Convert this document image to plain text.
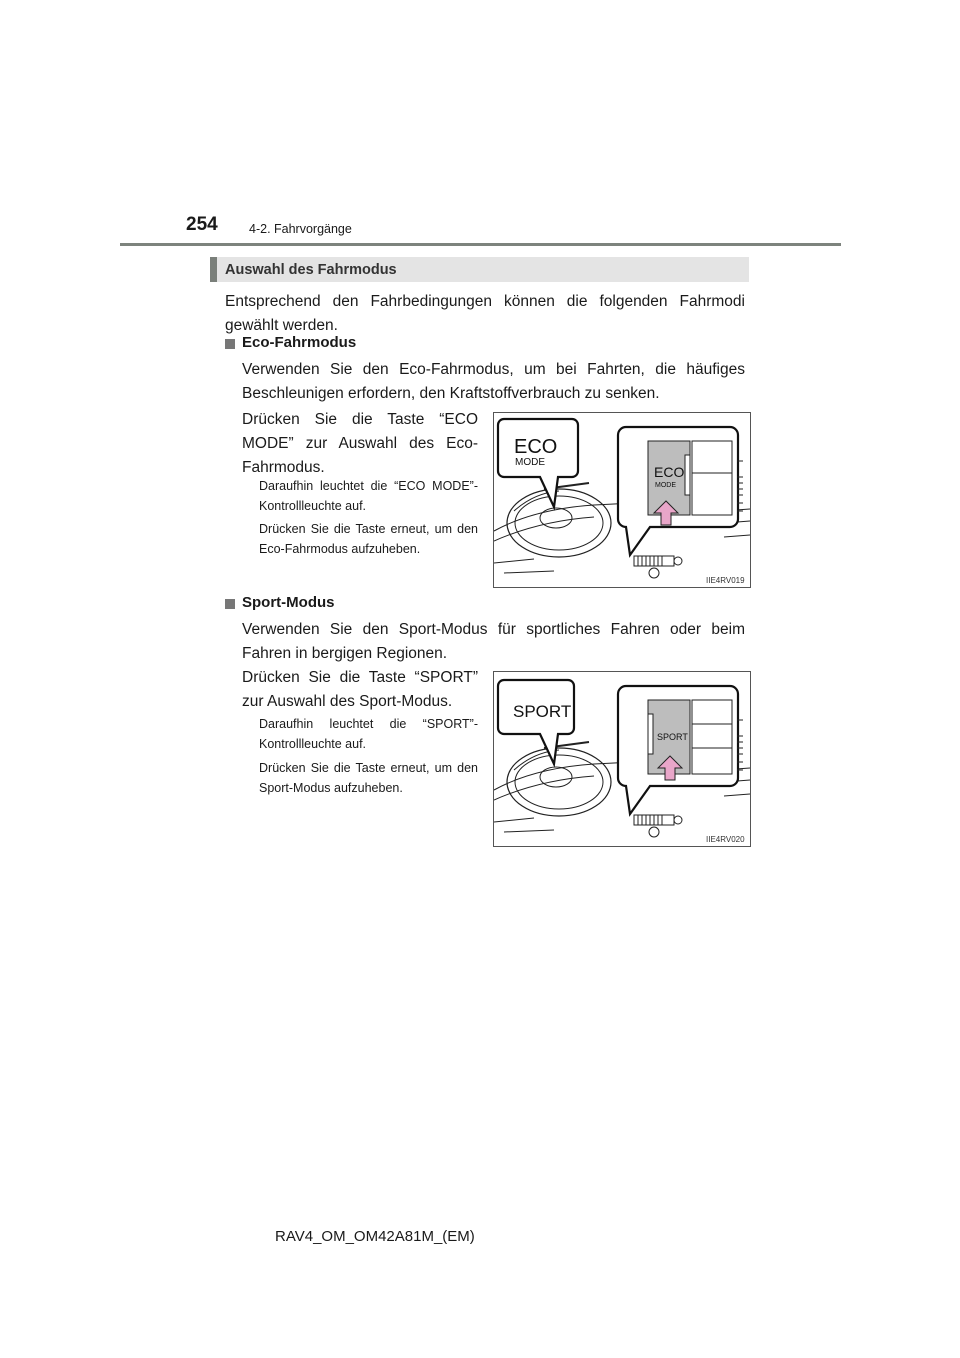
254	4-2. Fahrvorgänge
Auswahl des Fahrmodus
Entsprechend den Fahrbedingungen können die folgenden Fahrmodi gewählt werden.
Eco-Fahrmodus
Verwenden Sie den Eco-Fahrmodus, um bei Fahrten, die häufiges Beschleunigen erfordern, den Kraftstoffverbrauch zu senken.
Drücken Sie die Taste “ECO MODE” zur Auswahl des Eco-Fahrmodus.
Daraufhin leuchtet die “ECO MODE”-Kontrollleuchte auf.
Drücken Sie die Taste erneut, um den Eco-Fahrmodus aufzuheben.
ECO
MODE
ECO
MODE
IIE4RV019
Sport-Modus
Verwenden Sie den Sport-Modus für sportliches Fahren oder beim Fahren in bergigen Regionen.
Drücken Sie die Taste “SPORT” zur Auswahl des Sport-Modus.
Daraufhin leuchtet die “SPORT”-Kontrollleuchte auf.
Drücken Sie die Taste erneut, um den Sport-Modus aufzuheben.
SPORT
SPORT
IIE4RV020
RAV4_OM_OM42A81M_(EM)
